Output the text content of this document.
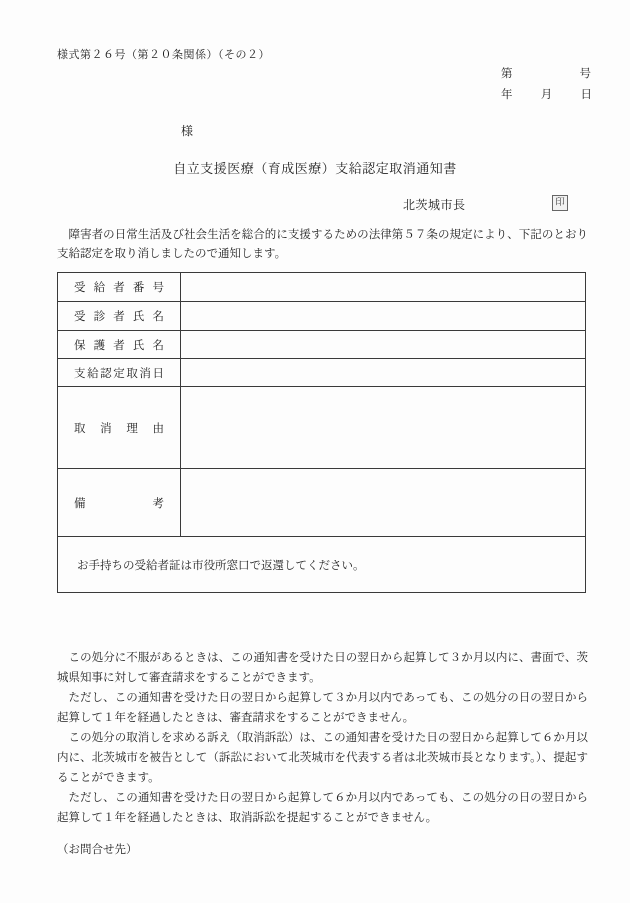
様式第２６号（第２０条関係）（その２）
第	号
年 月 日
様
自立支援医療（育成医療）支給認定取消通知書
北茨城市長	印
　障害者の日常生活及び社会生活を総合的に支援するための法律第５７条の規定により、下記のとおり支給認定を取り消しましたので通知します。
受 給 者 番 号	

受 診 者 氏 名	

保 護 者 氏 名	

支給認定取消日	

取　消　理　由	

備　　　考	

お手持ちの受給者証は市役所窓口で返還してください。	

　この処分に不服があるときは、この通知書を受けた日の翌日から起算して３か月以内に、書面で、茨城県知事に対して審査請求をすることができます。

　ただし、この通知書を受けた日の翌日から起算して３か月以内であっても、この処分の日の翌日から起算して１年を経過したときは、審査請求をすることができません。

　この処分の取消しを求める訴え（取消訴訟）は、この通知書を受けた日の翌日から起算して６か月以内に、北茨城市を被告として（訴訟において北茨城市を代表する者は北茨城市長となります。）、提起することができます。

　ただし、この通知書を受けた日の翌日から起算して６か月以内であっても、この処分の日の翌日から起算して１年を経過したときは、取消訴訟を提起することができません。

（お問合せ先）
